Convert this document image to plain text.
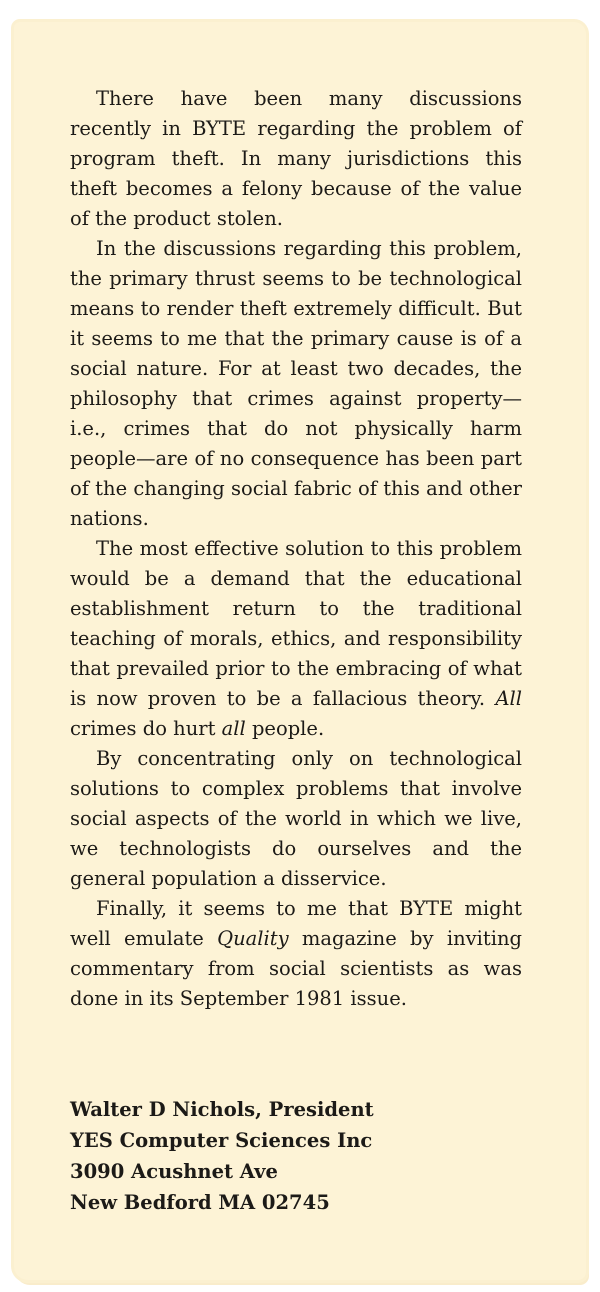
There have been many discussions recently in BYTE regarding the problem of program theft. In many jurisdictions this theft becomes a felony because of the value of the product stolen.

In the discussions regarding this problem, the primary thrust seems to be technological means to render theft extremely difficult. But it seems to me that the primary cause is of a social nature. For at least two decades, the philosophy that crimes against property—i.e., crimes that do not physically harm people—are of no consequence has been part of the changing social fabric of this and other nations.

The most effective solution to this problem would be a demand that the educational establishment return to the traditional teaching of morals, ethics, and responsibility that prevailed prior to the embracing of what is now proven to be a fallacious theory. All crimes do hurt all people.

By concentrating only on technological solutions to complex problems that involve social aspects of the world in which we live, we technologists do ourselves and the general population a disservice.

Finally, it seems to me that BYTE might well emulate Quality magazine by inviting commentary from social scientists as was done in its September 1981 issue.

Walter D Nichols, President
YES Computer Sciences Inc
3090 Acushnet Ave
New Bedford MA 02745
